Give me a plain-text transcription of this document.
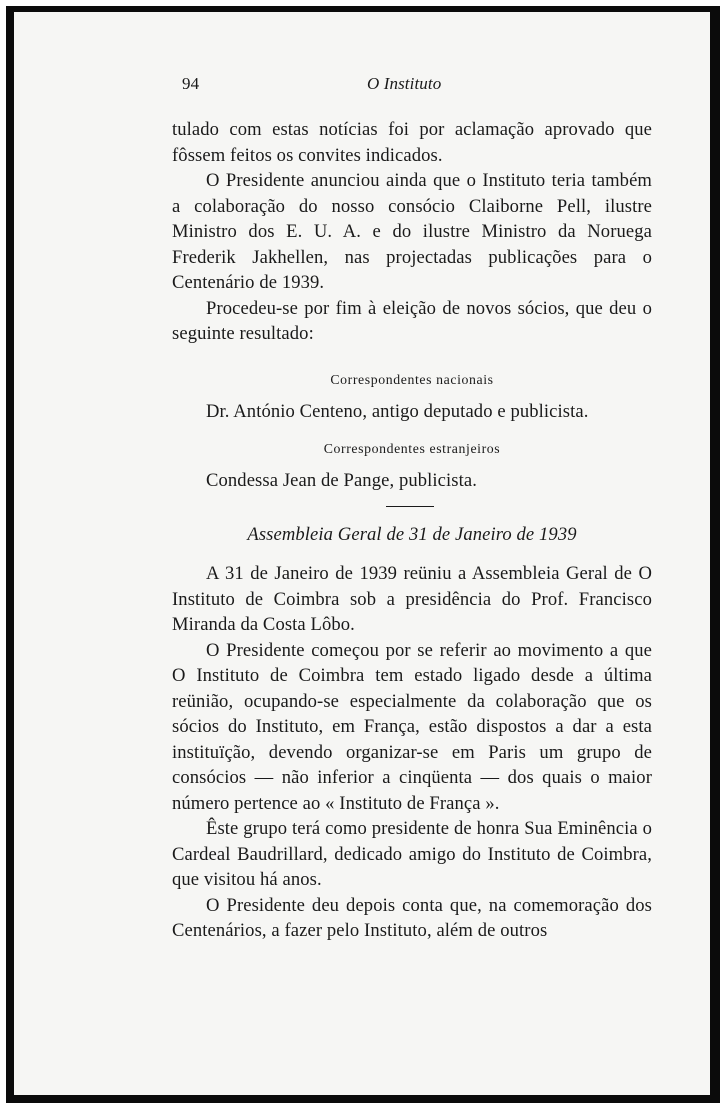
94	O Instituto

tulado com estas notícias foi por aclamação aprovado que fôssem feitos os convites indicados.

O Presidente anunciou ainda que o Instituto teria também a colaboração do nosso consócio Claiborne Pell, ilustre Ministro dos E. U. A. e do ilustre Ministro da Noruega Frederik Jakhellen, nas projectadas publicações para o Centenário de 1939.

Procedeu-se por fim à eleição de novos sócios, que deu o seguinte resultado:

Correspondentes nacionais

Dr. António Centeno, antigo deputado e publicista.

Correspondentes estranjeiros

Condessa Jean de Pange, publicista.

Assembleia Geral de 31 de Janeiro de 1939

A 31 de Janeiro de 1939 reüniu a Assembleia Geral de O Instituto de Coimbra sob a presidência do Prof. Francisco Miranda da Costa Lôbo.

O Presidente começou por se referir ao movimento a que O Instituto de Coimbra tem estado ligado desde a última reünião, ocupando-se especialmente da colaboração que os sócios do Instituto, em França, estão dispostos a dar a esta instituïção, devendo organizar-se em Paris um grupo de consócios — não inferior a cinqüenta — dos quais o maior número pertence ao « Instituto de França ».

Êste grupo terá como presidente de honra Sua Eminência o Cardeal Baudrillard, dedicado amigo do Instituto de Coimbra, que visitou há anos.

O Presidente deu depois conta que, na comemoração dos Centenários, a fazer pelo Instituto, além de outros
